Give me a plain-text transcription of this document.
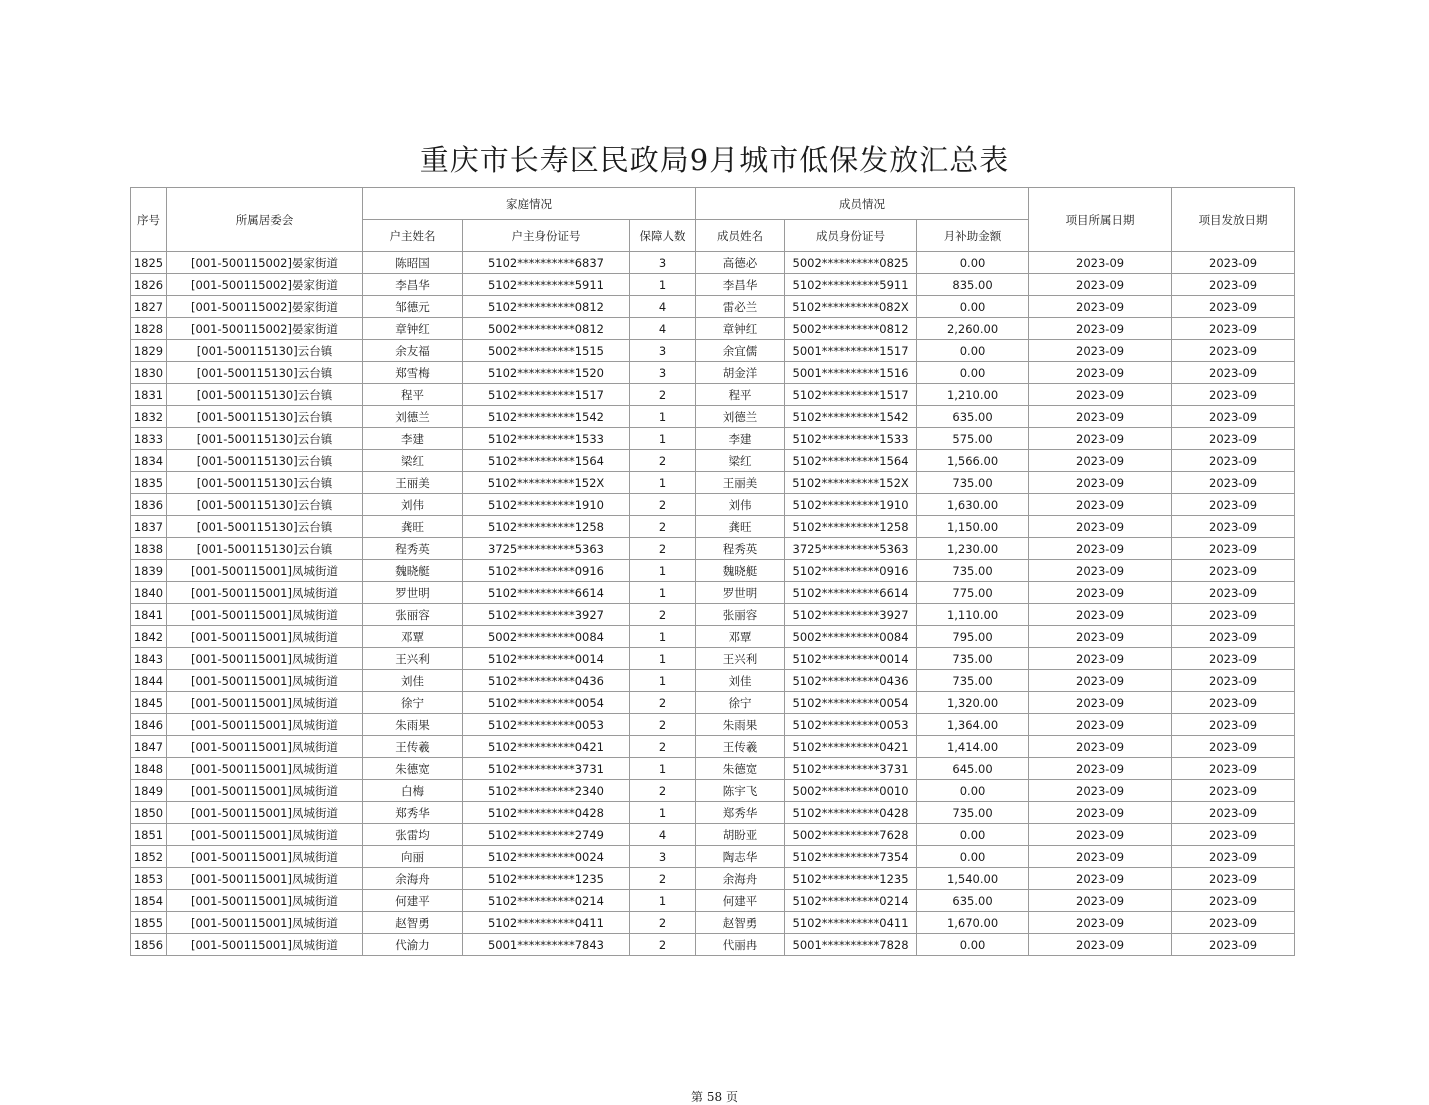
重庆市长寿区民政局9月城市低保发放汇总表
序号	所属居委会	家庭情况			成员情况			项目所属日期	项目发放日期
		户主姓名	户主身份证号	保障人数	成员姓名	成员身份证号	月补助金额		
1825	[001-500115002]晏家街道	陈昭国	5102**********6837	3	高德必	5002**********0825	0.00	2023-09	2023-09
1826	[001-500115002]晏家街道	李昌华	5102**********5911	1	李昌华	5102**********5911	835.00	2023-09	2023-09
1827	[001-500115002]晏家街道	邹德元	5102**********0812	4	雷必兰	5102**********082X	0.00	2023-09	2023-09
1828	[001-500115002]晏家街道	章钟红	5002**********0812	4	章钟红	5002**********0812	2,260.00	2023-09	2023-09
1829	[001-500115130]云台镇	余友福	5002**********1515	3	余宜儒	5001**********1517	0.00	2023-09	2023-09
1830	[001-500115130]云台镇	郑雪梅	5102**********1520	3	胡金洋	5001**********1516	0.00	2023-09	2023-09
1831	[001-500115130]云台镇	程平	5102**********1517	2	程平	5102**********1517	1,210.00	2023-09	2023-09
1832	[001-500115130]云台镇	刘德兰	5102**********1542	1	刘德兰	5102**********1542	635.00	2023-09	2023-09
1833	[001-500115130]云台镇	李建	5102**********1533	1	李建	5102**********1533	575.00	2023-09	2023-09
1834	[001-500115130]云台镇	梁红	5102**********1564	2	梁红	5102**********1564	1,566.00	2023-09	2023-09
1835	[001-500115130]云台镇	王丽美	5102**********152X	1	王丽美	5102**********152X	735.00	2023-09	2023-09
1836	[001-500115130]云台镇	刘伟	5102**********1910	2	刘伟	5102**********1910	1,630.00	2023-09	2023-09
1837	[001-500115130]云台镇	龚旺	5102**********1258	2	龚旺	5102**********1258	1,150.00	2023-09	2023-09
1838	[001-500115130]云台镇	程秀英	3725**********5363	2	程秀英	3725**********5363	1,230.00	2023-09	2023-09
1839	[001-500115001]凤城街道	魏晓艇	5102**********0916	1	魏晓艇	5102**********0916	735.00	2023-09	2023-09
1840	[001-500115001]凤城街道	罗世明	5102**********6614	1	罗世明	5102**********6614	775.00	2023-09	2023-09
1841	[001-500115001]凤城街道	张丽容	5102**********3927	2	张丽容	5102**********3927	1,110.00	2023-09	2023-09
1842	[001-500115001]凤城街道	邓覃	5002**********0084	1	邓覃	5002**********0084	795.00	2023-09	2023-09
1843	[001-500115001]凤城街道	王兴利	5102**********0014	1	王兴利	5102**********0014	735.00	2023-09	2023-09
1844	[001-500115001]凤城街道	刘佳	5102**********0436	1	刘佳	5102**********0436	735.00	2023-09	2023-09
1845	[001-500115001]凤城街道	徐宁	5102**********0054	2	徐宁	5102**********0054	1,320.00	2023-09	2023-09
1846	[001-500115001]凤城街道	朱雨果	5102**********0053	2	朱雨果	5102**********0053	1,364.00	2023-09	2023-09
1847	[001-500115001]凤城街道	王传羲	5102**********0421	2	王传羲	5102**********0421	1,414.00	2023-09	2023-09
1848	[001-500115001]凤城街道	朱德宽	5102**********3731	1	朱德宽	5102**********3731	645.00	2023-09	2023-09
1849	[001-500115001]凤城街道	白梅	5102**********2340	2	陈宇飞	5002**********0010	0.00	2023-09	2023-09
1850	[001-500115001]凤城街道	郑秀华	5102**********0428	1	郑秀华	5102**********0428	735.00	2023-09	2023-09
1851	[001-500115001]凤城街道	张雷均	5102**********2749	4	胡盼亚	5002**********7628	0.00	2023-09	2023-09
1852	[001-500115001]凤城街道	向丽	5102**********0024	3	陶志华	5102**********7354	0.00	2023-09	2023-09
1853	[001-500115001]凤城街道	余海舟	5102**********1235	2	余海舟	5102**********1235	1,540.00	2023-09	2023-09
1854	[001-500115001]凤城街道	何建平	5102**********0214	1	何建平	5102**********0214	635.00	2023-09	2023-09
1855	[001-500115001]凤城街道	赵智勇	5102**********0411	2	赵智勇	5102**********0411	1,670.00	2023-09	2023-09
1856	[001-500115001]凤城街道	代渝力	5001**********7843	2	代丽冉	5001**********7828	0.00	2023-09	2023-09
第 58 页
